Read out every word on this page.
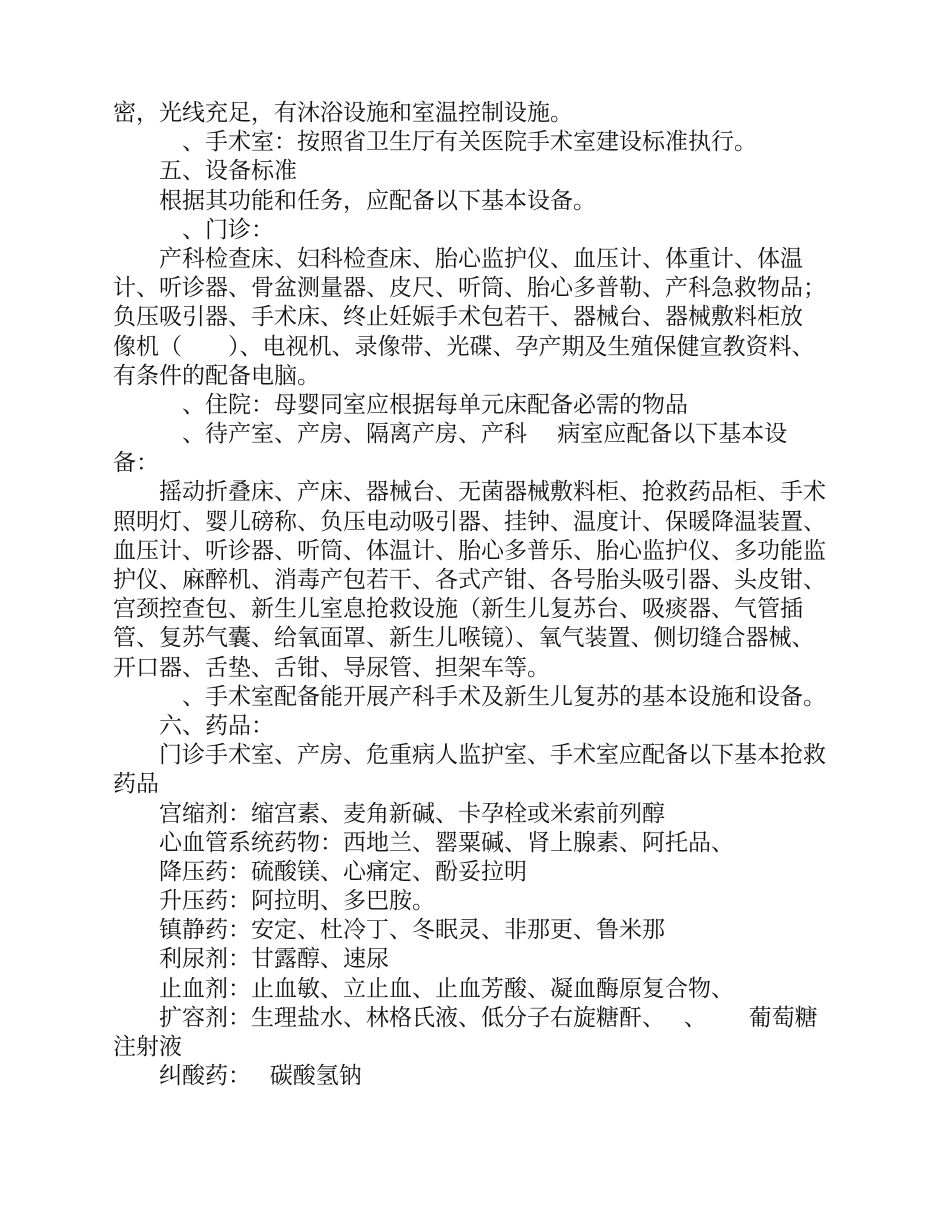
密，光线充足，有沐浴设施和室温控制设施。
　　　、手术室：按照省卫生厅有关医院手术室建设标准执行。
　　五、设备标准
　　根据其功能和任务，应配备以下基本设备。
　　　、门诊：
　　产科检查床、妇科检查床、胎心监护仪、血压计、体重计、体温
计、听诊器、骨盆测量器、皮尺、听筒、胎心多普勒、产科急救物品；
负压吸引器、手术床、终止妊娠手术包若干、器械台、器械敷料柜放
像机（　　）、电视机、录像带、光碟、孕产期及生殖保健宣教资料、
有条件的配备电脑。
　　　、住院：母婴同室应根据每单元床配备必需的物品
　　　、待产室、产房、隔离产房、产科　 病室应配备以下基本设
备：
　　摇动折叠床、产床、器械台、无菌器械敷料柜、抢救药品柜、手术
照明灯、婴儿磅称、负压电动吸引器、挂钟、温度计、保暖降温装置、
血压计、听诊器、听筒、体温计、胎心多普乐、胎心监护仪、多功能监
护仪、麻醉机、消毒产包若干、各式产钳、各号胎头吸引器、头皮钳、
宫颈控查包、新生儿室息抢救设施（新生儿复苏台、吸痰器、气管插
管、复苏气囊、给氧面罩、新生儿喉镜）、氧气装置、侧切缝合器械、
开口器、舌垫、舌钳、导尿管、担架车等。
　　　、手术室配备能开展产科手术及新生儿复苏的基本设施和设备。
　　六、药品：
　　门诊手术室、产房、危重病人监护室、手术室应配备以下基本抢救
药品
　　宫缩剂：缩宫素、麦角新碱、卡孕栓或米索前列醇
　　心血管系统药物：西地兰、罂粟碱、肾上腺素、阿托品、
　　降压药：硫酸镁、心痛定、酚妥拉明
　　升压药：阿拉明、多巴胺。
　　镇静药：安定、杜冷丁、冬眠灵、非那更、鲁米那
　　利尿剂：甘露醇、速尿
　　止血剂：止血敏、立止血、止血芳酸、凝血酶原复合物、
　　扩容剂：生理盐水、林格氏液、低分子右旋糖酐、　 、　　 葡萄糖
注射液
　　纠酸药：　 碳酸氢钠
